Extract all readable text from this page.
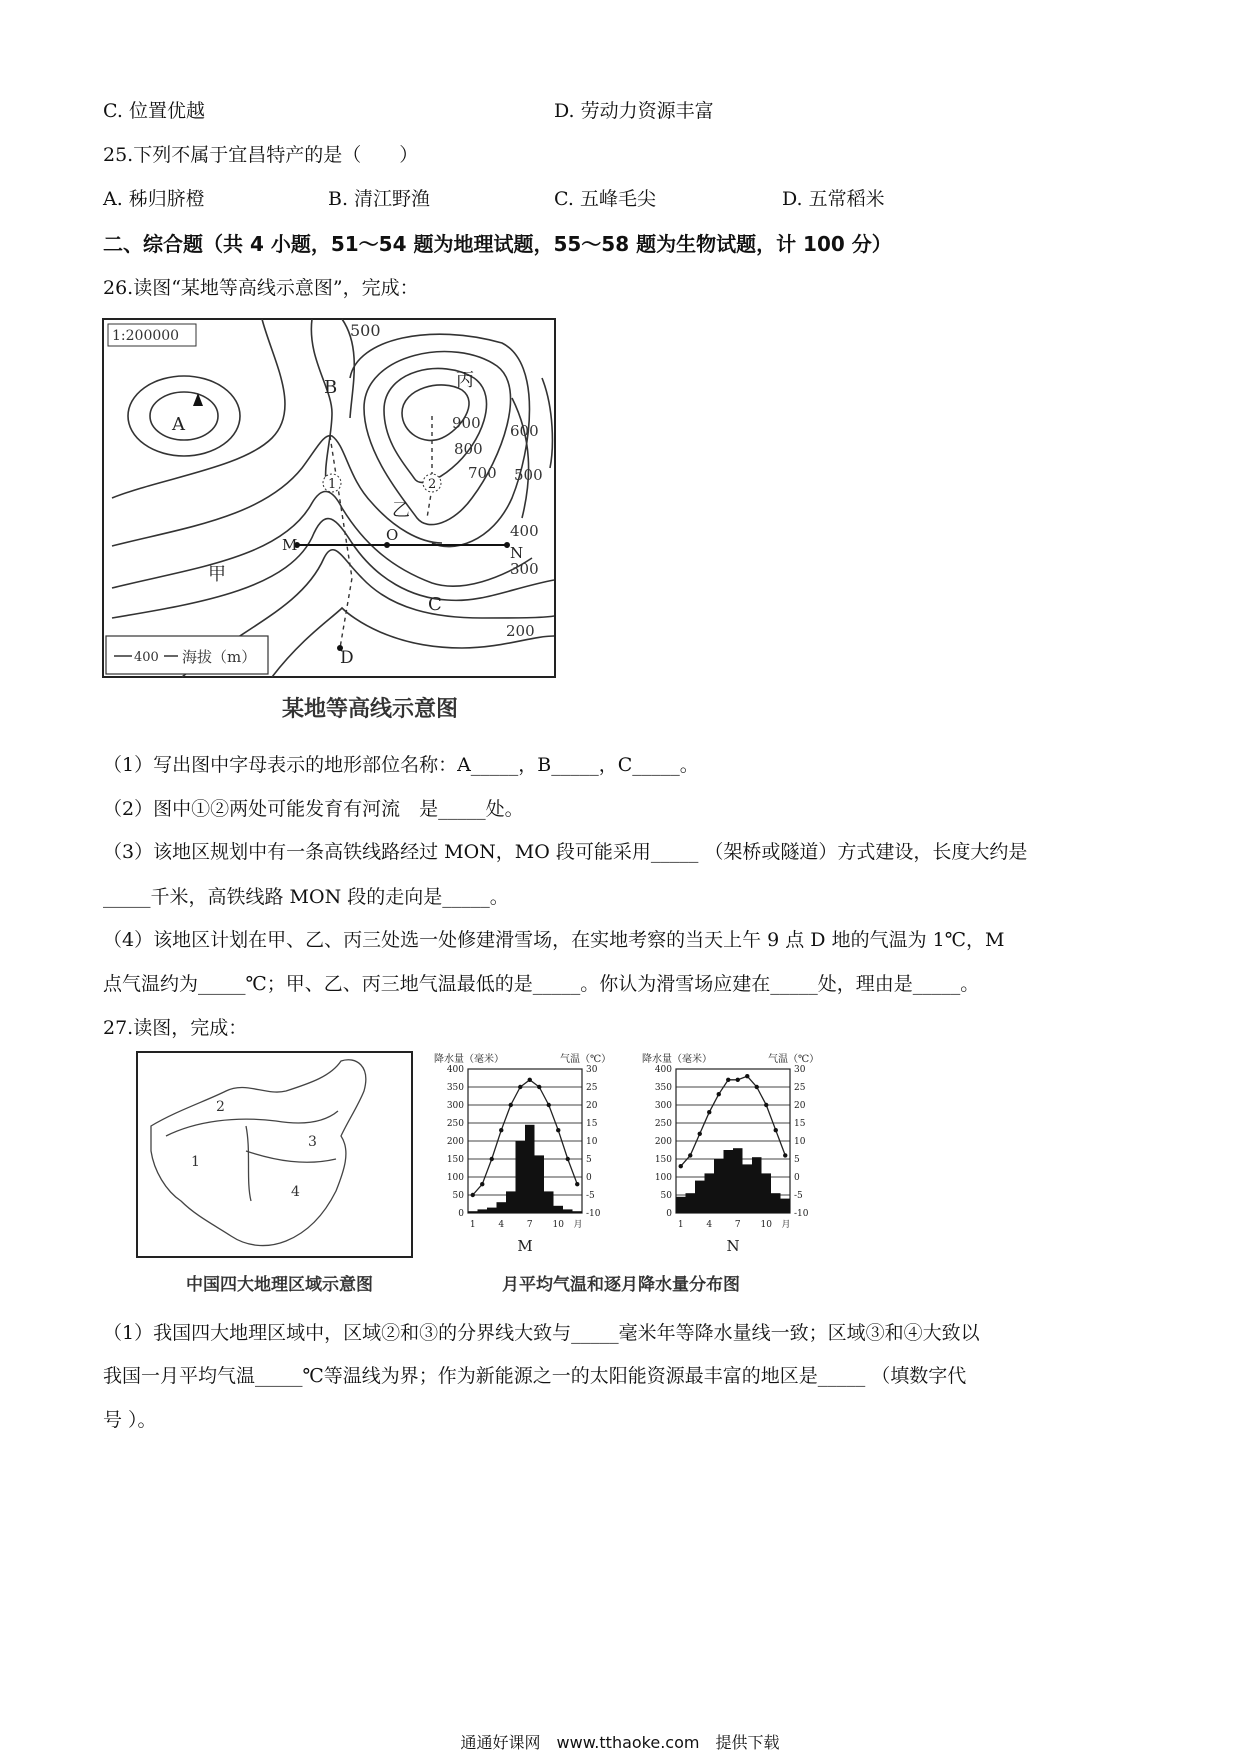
C. 位置优越	D. 劳动力资源丰富
25.下列不属于宜昌特产的是（　　）
A. 秭归脐橙	B. 清江野渔	C. 五峰毛尖	D. 五常稻米
二、综合题（共 4 小题，51～54 题为地理试题，55～58 题为生物试题，计 100 分）
26.读图“某地等高线示意图”，完成：
1:200000
400 海拔（m）
500
600
500
400
300
200
900
800
700
A
B
C
D
M
O
N
甲
乙
丙
1	2
某地等高线示意图
（1）写出图中字母表示的地形部位名称：A_____，B_____，C_____。
（2）图中①②两处可能发育有河流　是_____处。
（3）该地区规划中有一条高铁线路经过 MON，MO 段可能采用_____ （架桥或隧道）方式建设，长度大约是
_____千米，高铁线路 MON 段的走向是_____。
（4）该地区计划在甲、乙、丙三处选一处修建滑雪场，在实地考察的当天上午 9 点 D 地的气温为 1℃，M
点气温约为_____℃；甲、乙、丙三地气温最低的是_____。你认为滑雪场应建在_____处，理由是_____。
27.读图，完成：
2
1
3
4
降水量（毫米）	气温（℃）
0
50
100
150
200
250
300
350
400
-10
-5
0
5
10
15
20
25
30
1	4	7 10 月
M
降水量（毫米）	气温（℃）
0
50
100
150
200
250
300
350
400
-10
-5
0
5
10
15
20
25
30
1	4	7 10 月
N
中国四大地理区域示意图	月平均气温和逐月降水量分布图
（1）我国四大地理区域中，区域②和③的分界线大致与_____毫米年等降水量线一致；区域③和④大致以
我国一月平均气温_____℃等温线为界；作为新能源之一的太阳能资源最丰富的地区是_____ （填数字代
号 ）。
通通好课网　www.tthaoke.com　提供下载
